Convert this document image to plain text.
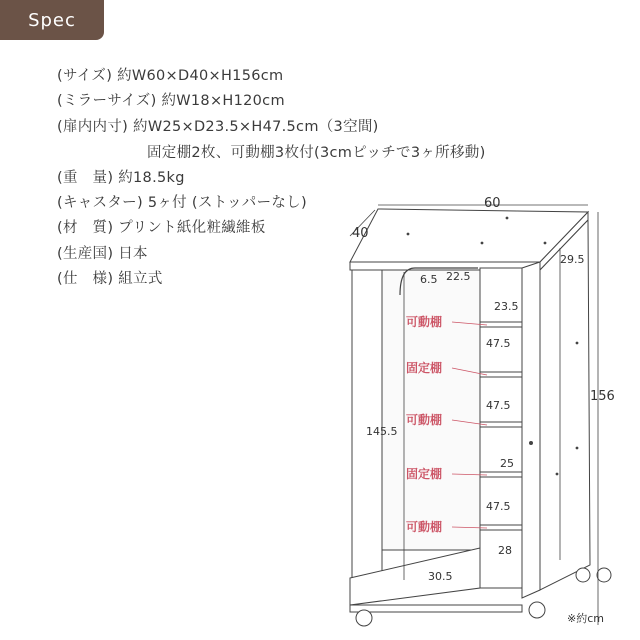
Spec
(サイズ) 約W60×D40×H156cm
(ミラーサイズ) 約W18×H120cm
(扉内内寸) 約W25×D23.5×H47.5cm（3空間)
固定棚2枚、可動棚3枚付(3cmピッチで3ヶ所移動)
(重　量) 約18.5kg
(キャスター) 5ヶ付 (ストッパーなし)
(材　質) プリント紙化粧繊維板
(生産国) 日本
(仕　様) 組立式
60
40
156
145.5
29.5
6.5 22.5
23.5
47.5
47.5
25
47.5
28
30.5
可動棚
固定棚
可動棚
固定棚
可動棚
※約cm
